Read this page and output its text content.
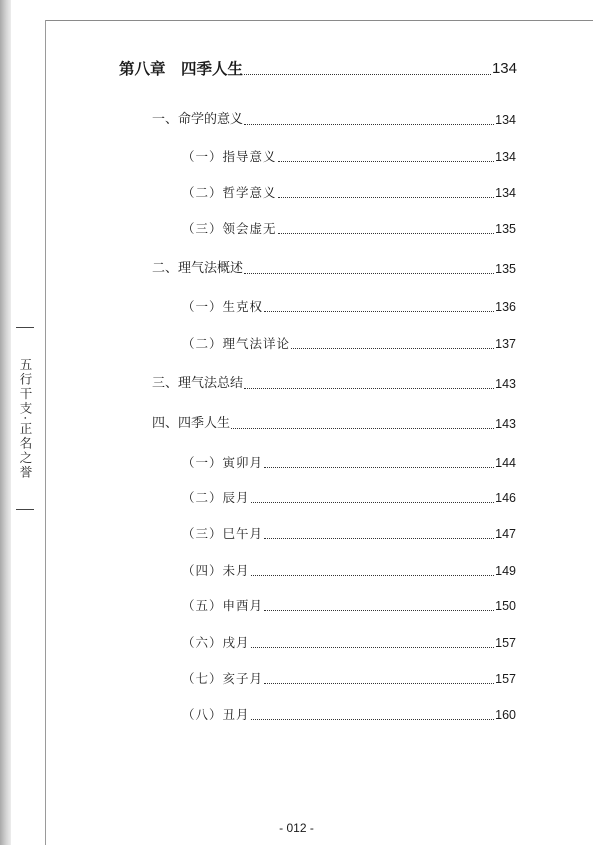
五行干支·正名之誉
第八章　四季人生	134
一、命学的意义	134
（一）指导意义	134
（二）哲学意义	134
（三）领会虚无	135
二、理气法概述	135
（一）生克权	136
（二）理气法详论	137
三、理气法总结	143
四、四季人生	143
（一）寅卯月	144
（二）辰月	146
（三）巳午月	147
（四）未月	149
（五）申酉月	150
（六）戌月	157
（七）亥子月	157
（八）丑月	160
- 012 -
